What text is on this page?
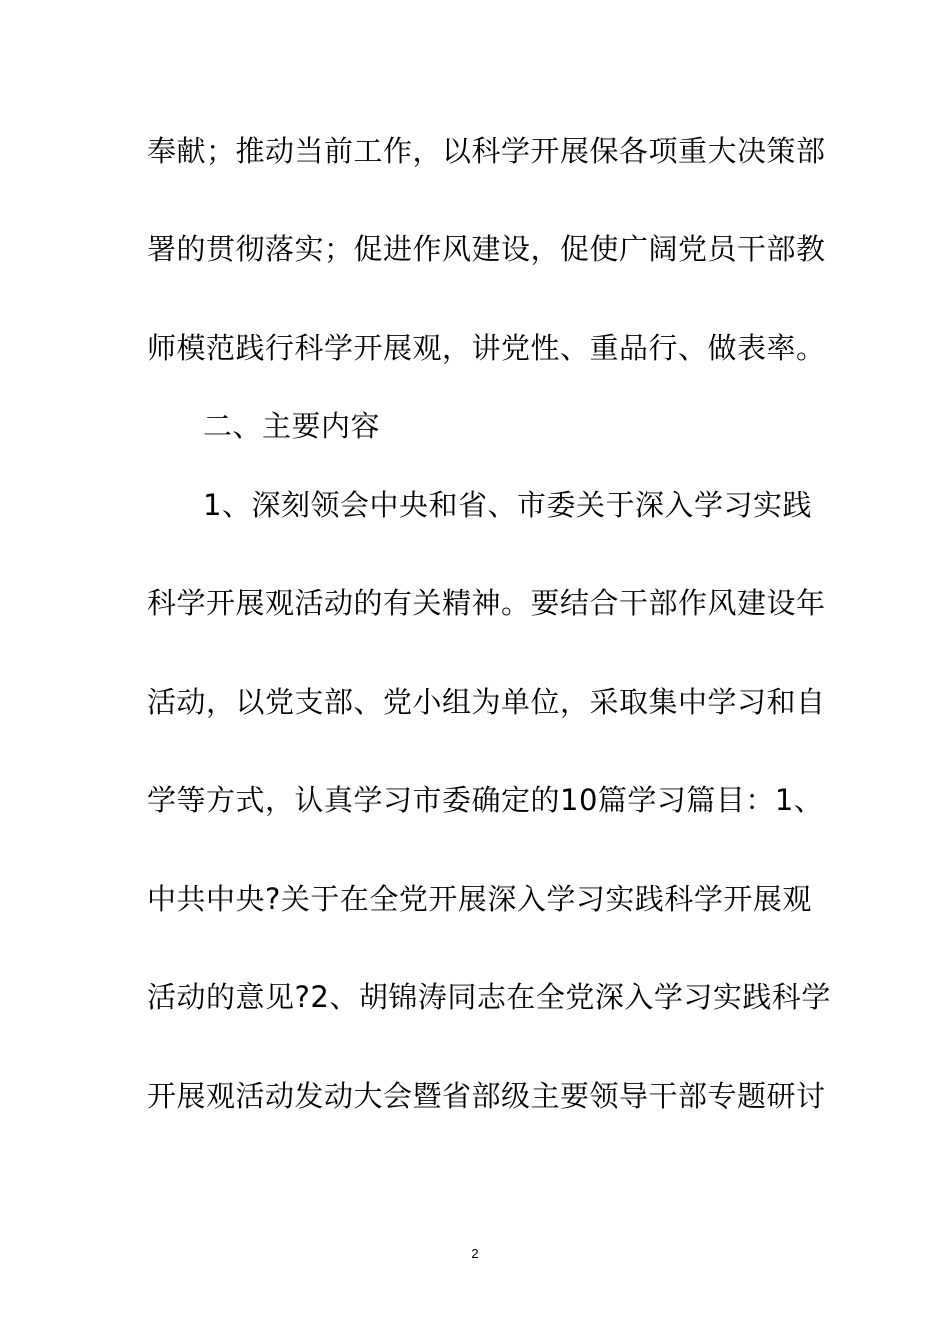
奉献；推动当前工作，以科学开展保各项重大决策部
署的贯彻落实；促进作风建设，促使广阔党员干部教
师模范践行科学开展观，讲党性、重品行、做表率。
二、主要内容
1、深刻领会中央和省、市委关于深入学习实践
科学开展观活动的有关精神。要结合干部作风建设年
活动，以党支部、党小组为单位，采取集中学习和自
学等方式，认真学习市委确定的10篇学习篇目：1、
中共中央?关于在全党开展深入学习实践科学开展观
活动的意见?2、胡锦涛同志在全党深入学习实践科学
开展观活动发动大会暨省部级主要领导干部专题研讨
2
